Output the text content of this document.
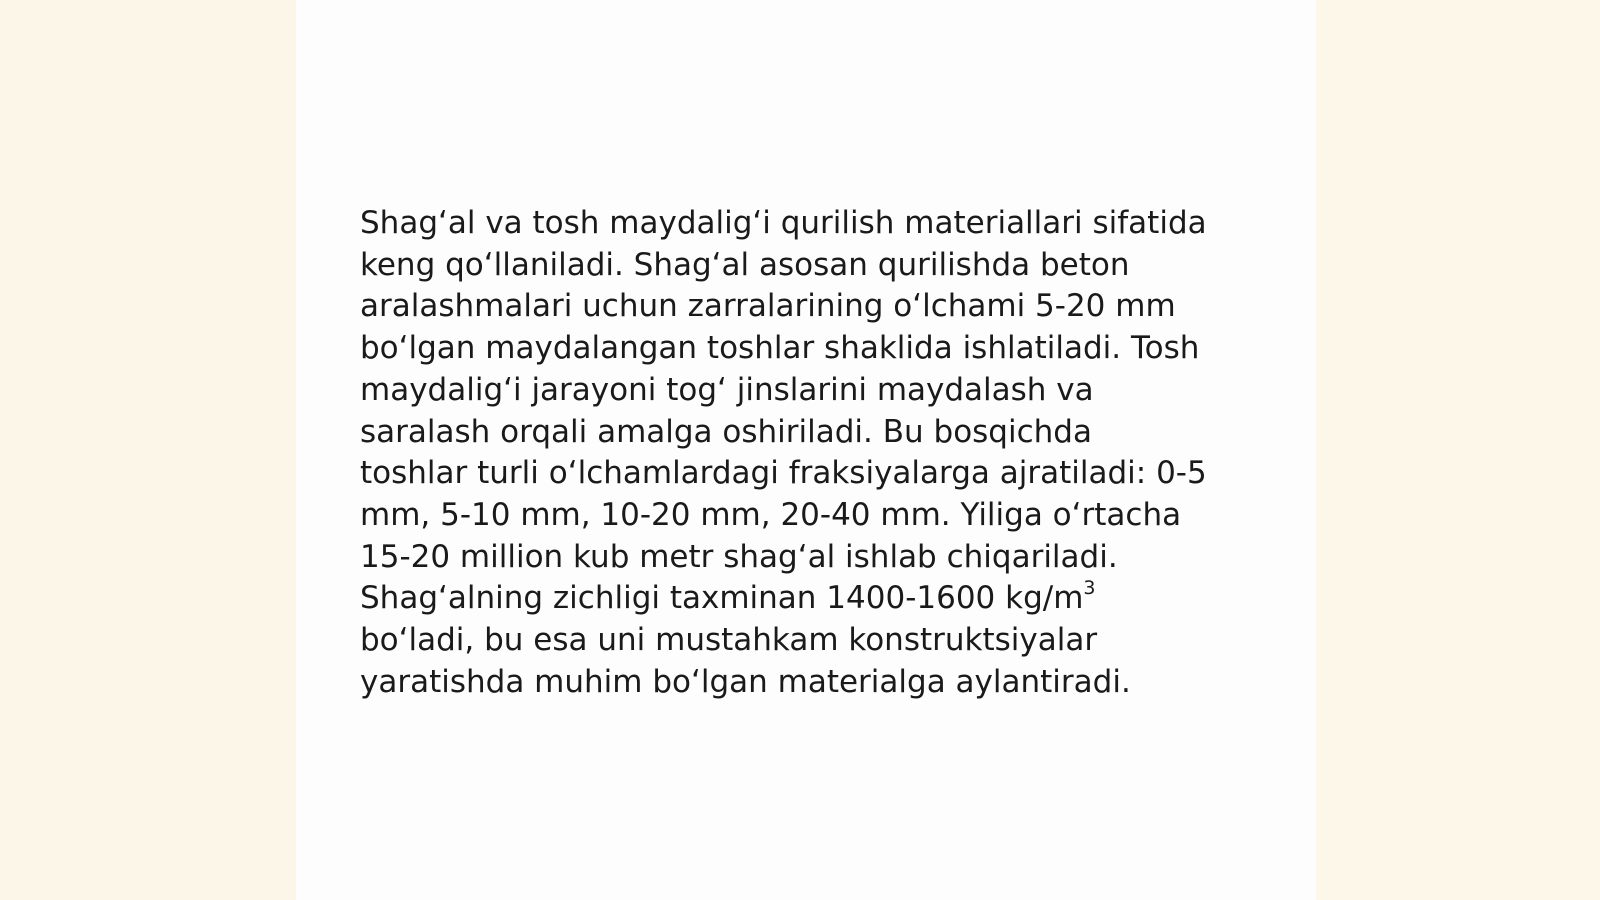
Shag‘al va tosh maydalig‘i qurilish materiallari sifatida
keng qo‘llaniladi. Shag‘al asosan qurilishda beton
aralashmalari uchun zarralarining o‘lchami 5-20 mm
bo‘lgan maydalangan toshlar shaklida ishlatiladi. Tosh
maydalig‘i jarayoni tog‘ jinslarini maydalash va
saralash orqali amalga oshiriladi. Bu bosqichda
toshlar turli o‘lchamlardagi fraksiyalarga ajratiladi: 0-5
mm, 5-10 mm, 10-20 mm, 20-40 mm. Yiliga o‘rtacha
15-20 million kub metr shag‘al ishlab chiqariladi.
Shag‘alning zichligi taxminan 1400-1600 $kg/m^3$
bo‘ladi, bu esa uni mustahkam konstruktsiyalar
yaratishda muhim bo‘lgan materialga aylantiradi.
